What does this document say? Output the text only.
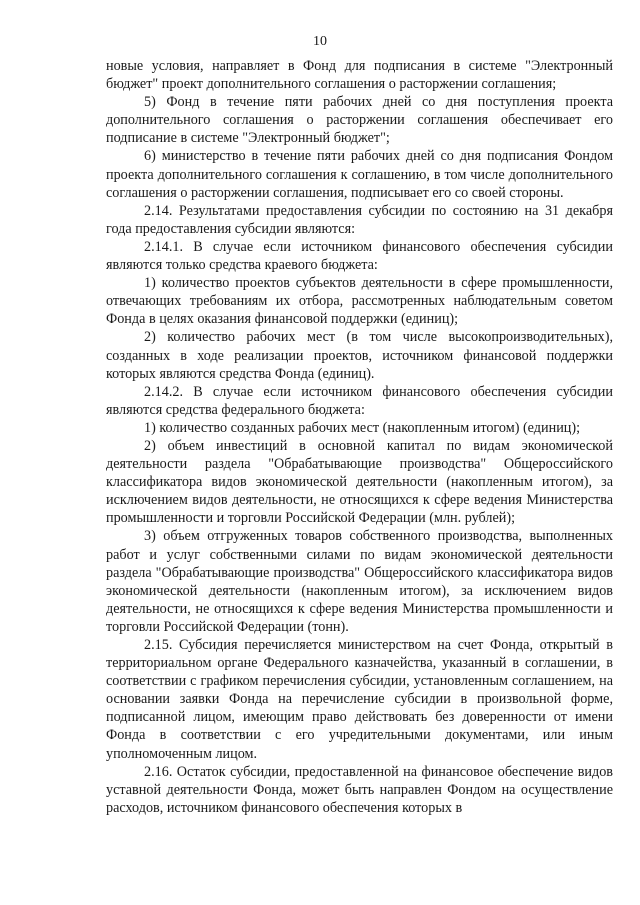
10

новые условия, направляет в Фонд для подписания в системе "Электронный бюджет" проект дополнительного соглашения о расторжении соглашения;

5) Фонд в течение пяти рабочих дней со дня поступления проекта дополнительного соглашения о расторжении соглашения обеспечивает его подписание в системе "Электронный бюджет";

6) министерство в течение пяти рабочих дней со дня подписания Фондом проекта дополнительного соглашения к соглашению, в том числе дополнительного соглашения о расторжении соглашения, подписывает его со своей стороны.

2.14. Результатами предоставления субсидии по состоянию на 31 декабря года предоставления субсидии являются:

2.14.1. В случае если источником финансового обеспечения субсидии являются только средства краевого бюджета:

1) количество проектов субъектов деятельности в сфере промышленности, отвечающих требованиям их отбора, рассмотренных наблюдательным советом Фонда в целях оказания финансовой поддержки (единиц);

2) количество рабочих мест (в том числе высокопроизводительных), созданных в ходе реализации проектов, источником финансовой поддержки которых являются средства Фонда (единиц).

2.14.2. В случае если источником финансового обеспечения субсидии являются средства федерального бюджета:

1) количество созданных рабочих мест (накопленным итогом) (единиц);

2) объем инвестиций в основной капитал по видам экономической деятельности раздела "Обрабатывающие производства" Общероссийского классификатора видов экономической деятельности (накопленным итогом), за исключением видов деятельности, не относящихся к сфере ведения Министерства промышленности и торговли Российской Федерации (млн. рублей);

3) объем отгруженных товаров собственного производства, выполненных работ и услуг собственными силами по видам экономической деятельности раздела "Обрабатывающие производства" Общероссийского классификатора видов экономической деятельности (накопленным итогом), за исключением видов деятельности, не относящихся к сфере ведения Министерства промышленности и торговли Российской Федерации (тонн).

2.15. Субсидия перечисляется министерством на счет Фонда, открытый в территориальном органе Федерального казначейства, указанный в соглашении, в соответствии с графиком перечисления субсидии, установленным соглашением, на основании заявки Фонда на перечисление субсидии в произвольной форме, подписанной лицом, имеющим право действовать без доверенности от имени Фонда в соответствии с его учредительными документами, или иным уполномоченным лицом.

2.16. Остаток субсидии, предоставленной на финансовое обеспечение видов уставной деятельности Фонда, может быть направлен Фондом на осуществление расходов, источником финансового обеспечения которых в
